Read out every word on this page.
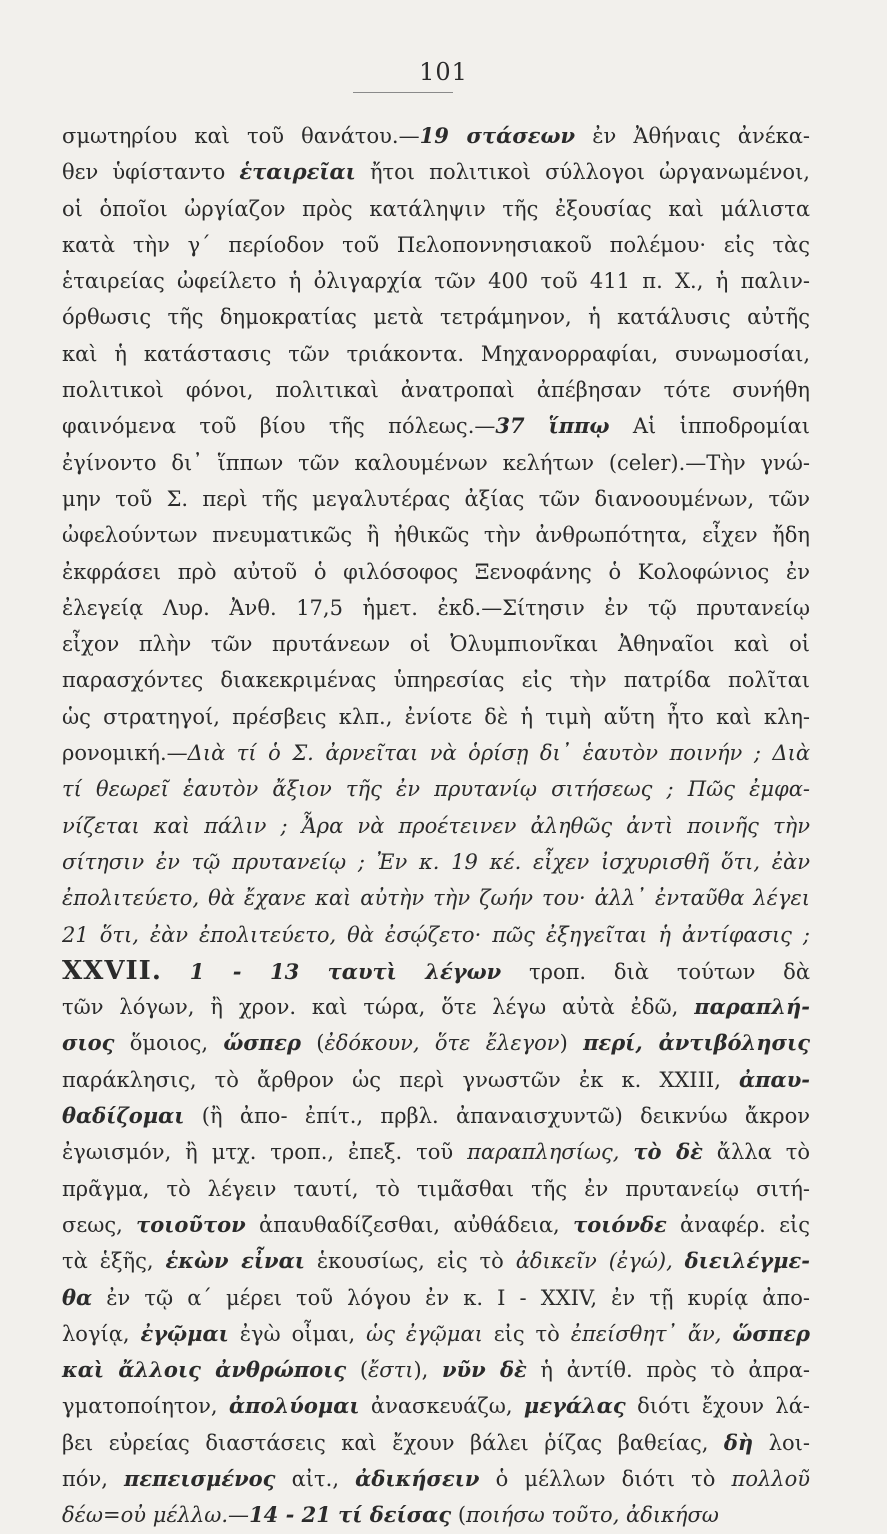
101
σμωτηρίου καὶ τοῦ θανάτου.—19 στάσεων ἐν Ἀθήναις ἀνέκα-
θεν ὑφίσταντο ἑταιρεῖαι ἤτοι πολιτικοὶ σύλλογοι ὠργανωμένοι,
οἱ ὁποῖοι ὠργίαζον πρὸς κατάληψιν τῆς ἐξουσίας καὶ μάλιστα
κατὰ τὴν γ΄ περίοδον τοῦ Πελοποννησιακοῦ πολέμου· εἰς τὰς
ἑταιρείας ὠφείλετο ἡ ὀλιγαρχία τῶν 400 τοῦ 411 π. Χ., ἡ παλιν-
όρθωσις τῆς δημοκρατίας μετὰ τετράμηνον, ἡ κατάλυσις αὐτῆς
καὶ ἡ κατάστασις τῶν τριάκοντα. Μηχανορραφίαι, συνωμοσίαι,
πολιτικοὶ φόνοι, πολιτικαὶ ἀνατροπαὶ ἀπέβησαν τότε συνήθη
φαινόμενα τοῦ βίου τῆς πόλεως.—37 ἵππῳ Αἱ ἱπποδρομίαι
ἐγίνοντο δι᾽ ἵππων τῶν καλουμένων κελήτων (celer).—Τὴν γνώ-
μην τοῦ Σ. περὶ τῆς μεγαλυτέρας ἀξίας τῶν διανοουμένων, τῶν
ὠφελούντων πνευματικῶς ἢ ἠθικῶς τὴν ἀνθρωπότητα, εἶχεν ἤδη
ἐκφράσει πρὸ αὐτοῦ ὁ φιλόσοφος Ξενοφάνης ὁ Κολοφώνιος ἐν
ἐλεγείᾳ Λυρ. Ἀνθ. 17,5 ἡμετ. ἐκδ.—Σίτησιν ἐν τῷ πρυτανείῳ
εἶχον πλὴν τῶν πρυτάνεων οἱ Ὀλυμπιονῖκαι Ἀθηναῖοι καὶ οἱ
παρασχόντες διακεκριμένας ὑπηρεσίας εἰς τὴν πατρίδα πολῖται
ὡς στρατηγοί, πρέσβεις κλπ., ἐνίοτε δὲ ἡ τιμὴ αὕτη ἦτο καὶ κλη-
ρονομική.—Διὰ τί ὁ Σ. ἀρνεῖται νὰ ὁρίσῃ δι᾽ ἑαυτὸν ποινήν ; Διὰ
τί θεωρεῖ ἑαυτὸν ἄξιον τῆς ἐν πρυτανίῳ σιτήσεως ; Πῶς ἐμφα-
νίζεται καὶ πάλιν ; Ἆρα νὰ προέτεινεν ἀληθῶς ἀντὶ ποινῆς τὴν
σίτησιν ἐν τῷ πρυτανείῳ ; Ἐν κ. 19 κέ. εἶχεν ἰσχυρισθῆ ὅτι, ἐὰν
ἐπολιτεύετο, θὰ ἔχανε καὶ αὐτὴν τὴν ζωήν του· ἀλλ᾽ ἐνταῦθα λέγει
21 ὅτι, ἐὰν ἐπολιτεύετο, θὰ ἐσῴζετο· πῶς ἐξηγεῖται ἡ ἀντίφασις ;
XXVII. 1 - 13 ταυτὶ λέγων τροπ. διὰ τούτων δὰ
τῶν λόγων, ἢ χρον. καὶ τώρα, ὅτε λέγω αὐτὰ ἐδῶ, παραπλή-
σιος ὅμοιος, ὥσπερ (ἐδόκουν, ὅτε ἔλεγον) περί, ἀντιβόλησις
παράκλησις, τὸ ἄρθρον ὡς περὶ γνωστῶν ἐκ κ. XXIII, ἀπαυ-
θαδίζομαι (ἢ ἀπο- ἐπίτ., πρβλ. ἀπαναισχυντῶ) δεικνύω ἄκρον
ἐγωισμόν, ἢ μτχ. τροπ., ἐπεξ. τοῦ παραπλησίως, τὸ δὲ ἄλλα τὸ
πρᾶγμα, τὸ λέγειν ταυτί, τὸ τιμᾶσθαι τῆς ἐν πρυτανείῳ σιτή-
σεως, τοιοῦτον ἀπαυθαδίζεσθαι, αὐθάδεια, τοιόνδε ἀναφέρ. εἰς
τὰ ἑξῆς, ἑκὼν εἶναι ἑκουσίως, εἰς τὸ ἀδικεῖν (ἐγώ), διειλέγμε-
θα ἐν τῷ α΄ μέρει τοῦ λόγου ἐν κ. I - XXIV, ἐν τῇ κυρίᾳ ἀπο-
λογίᾳ, ἐγῷμαι ἐγὼ οἶμαι, ὡς ἐγῷμαι εἰς τὸ ἐπείσθητ᾽ ἄν, ὥσπερ
καὶ ἄλλοις ἀνθρώποις (ἔστι), νῦν δὲ ἡ ἀντίθ. πρὸς τὸ ἀπρα-
γματοποίητον, ἀπολύομαι ἀνασκευάζω, μεγάλας διότι ἔχουν λά-
βει εὐρείας διαστάσεις καὶ ἔχουν βάλει ῥίζας βαθείας, δὴ λοι-
πόν, πεπεισμένος αἰτ., ἀδικήσειν ὁ μέλλων διότι τὸ πολλοῦ
δέω=οὐ μέλλω.—14 - 21 τί δείσας (ποιήσω τοῦτο, ἀδικήσω
